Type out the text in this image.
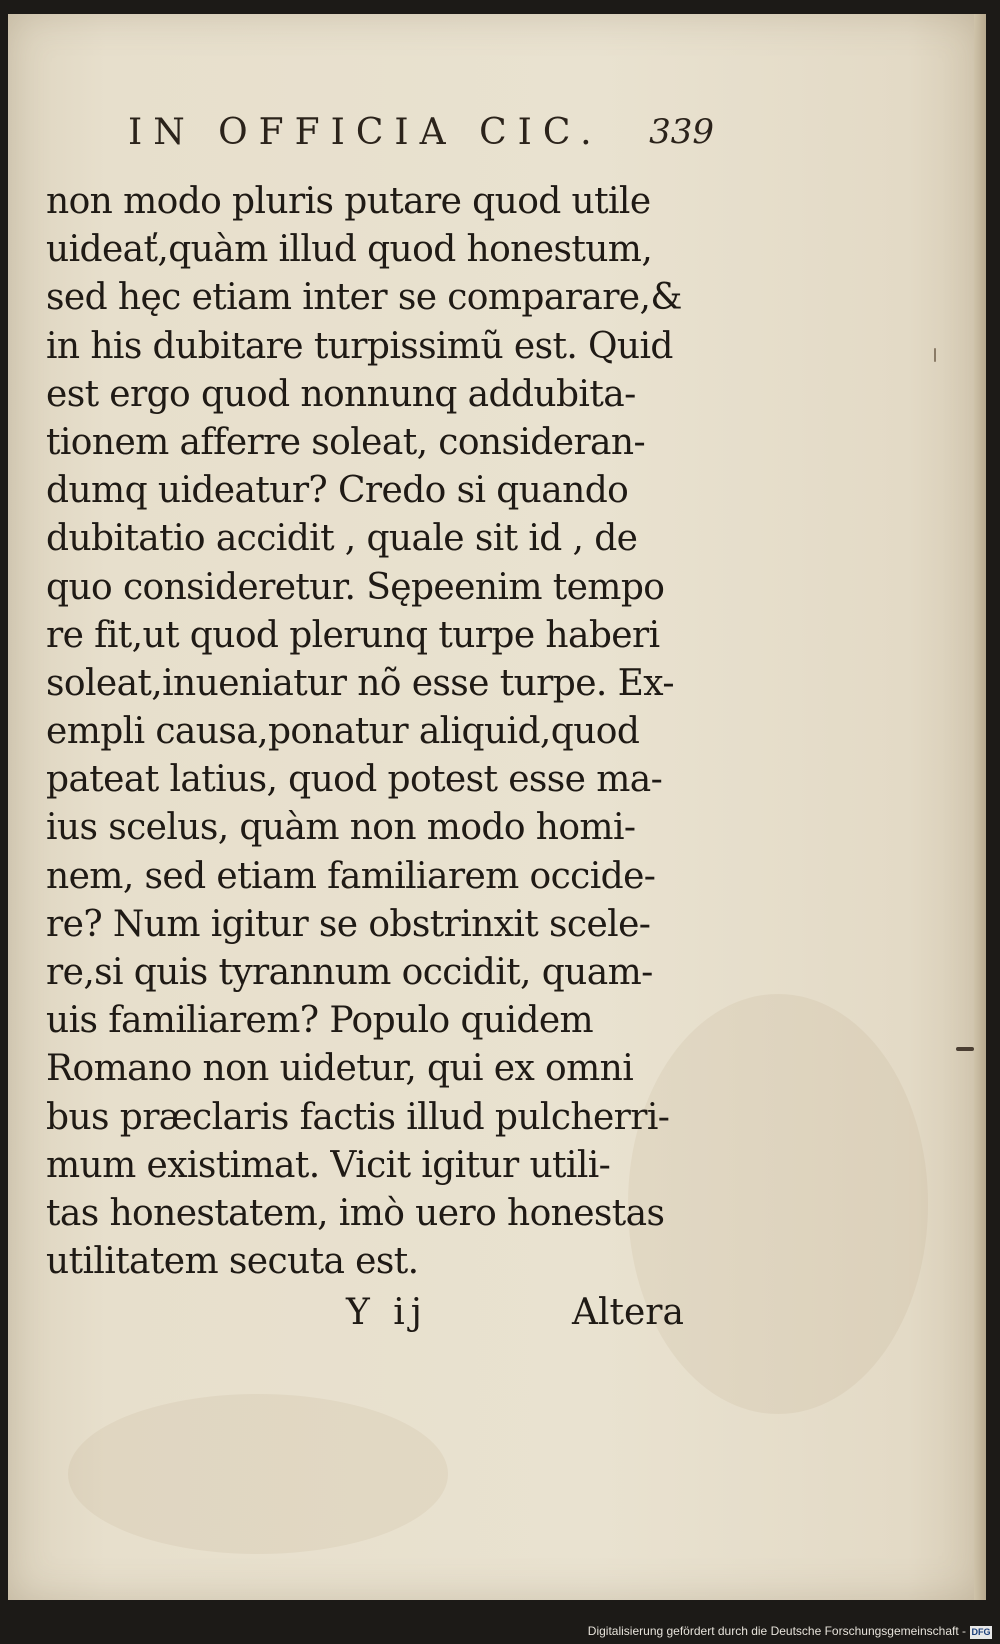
IN OFFICIA CIC. 339
non modo pluris putare quod utile
uideať,quàm illud quod honestum,
sed hęc etiam inter se comparare,&
in his dubitare turpissimũ est. Quid
est ergo quod nonnunq addubita-
tionem afferre soleat, consideran-
dumq uideatur? Credo si quando
dubitatio accidit , quale sit id , de
quo consideretur. Sępeenim tempo
re fit,ut quod plerunq turpe haberi
soleat,inueniatur nõ esse turpe. Ex-
empli causa,ponatur aliquid,quod
pateat latius, quod potest esse ma-
ius scelus, quàm non modo homi-
nem, sed etiam familiarem occide-
re? Num igitur se obstrinxit scele-
re,si quis tyrannum occidit, quam-
uis familiarem? Populo quidem
Romano non uidetur, qui ex omni
bus præclaris factis illud pulcherri-
mum existimat. Vicit igitur utili-
tas honestatem, imò uero honestas
utilitatem secuta est.
Y ij	Altera
Digitalisierung gefördert durch die Deutsche Forschungsgemeinschaft - DFG
